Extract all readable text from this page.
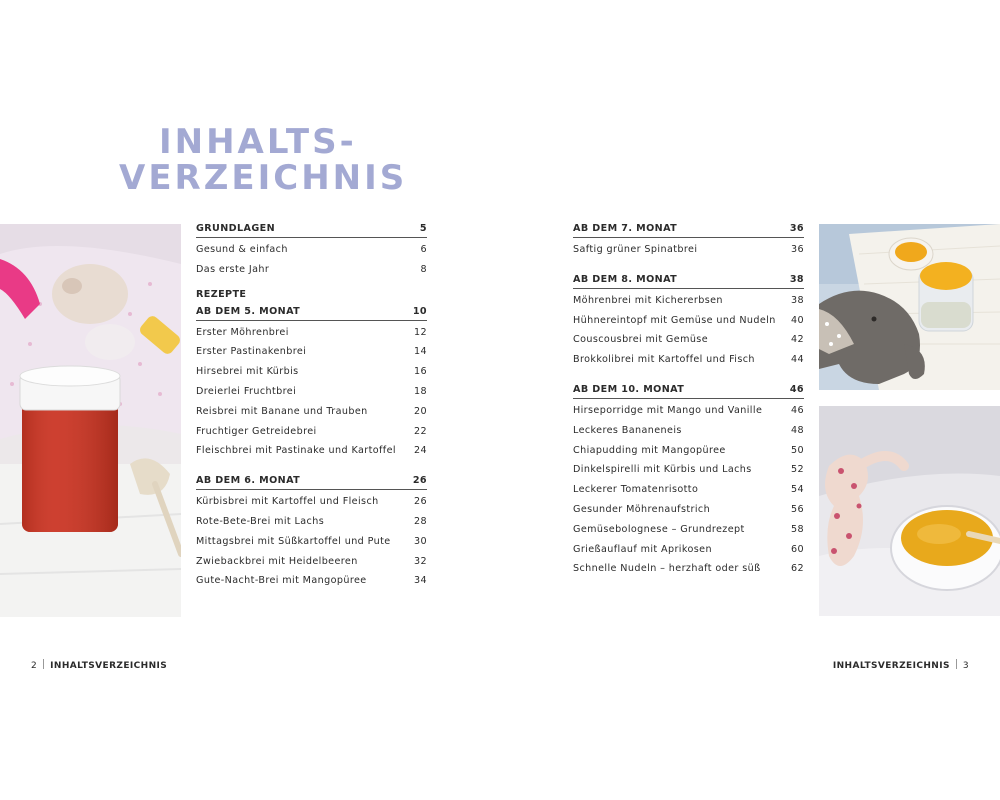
INHALTS-
VERZEICHNIS
GRUNDLAGEN	5
Gesund & einfach	6
Das erste Jahr	8
REZEPTE
AB DEM 5. MONAT	10
Erster Möhrenbrei	12
Erster Pastinakenbrei	14
Hirsebrei mit Kürbis	16
Dreierlei Fruchtbrei	18
Reisbrei mit Banane und Trauben	20
Fruchtiger Getreidebrei	22
Fleischbrei mit Pastinake und Kartoffel 24
AB DEM 6. MONAT	26
Kürbisbrei mit Kartoffel und Fleisch	26
Rote-Bete-Brei mit Lachs	28
Mittagsbrei mit Süßkartoffel und Pute 30
Zwiebackbrei mit Heidelbeeren	32
Gute-Nacht-Brei mit Mangopüree	34
AB DEM 7. MONAT	36
Saftig grüner Spinatbrei	36
AB DEM 8. MONAT	38
Möhrenbrei mit Kichererbsen	38
Hühnereintopf mit Gemüse und Nudeln 40
Couscousbrei mit Gemüse	42
Brokkolibrei mit Kartoffel und Fisch	44
AB DEM 10. MONAT	46
Hirseporridge mit Mango und Vanille	46
Leckeres Bananeneis	48
Chiapudding mit Mangopüree	50
Dinkelspirelli mit Kürbis und Lachs	52
Leckerer Tomatenrisotto	54
Gesunder Möhrenaufstrich	56
Gemüsebolognese – Grundrezept	58
Grießauflauf mit Aprikosen	60
Schnelle Nudeln – herzhaft oder süß	62
2 INHALTSVERZEICHNIS	INHALTSVERZEICHNIS 3
